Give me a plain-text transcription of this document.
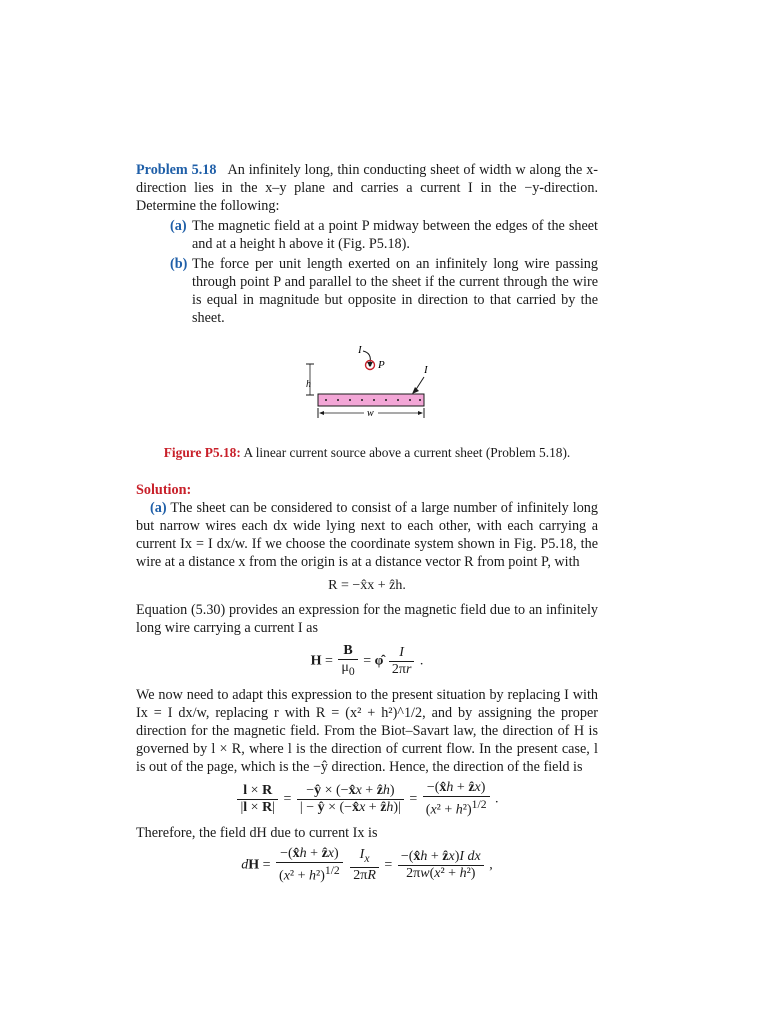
Problem 5.18 An infinitely long, thin conducting sheet of width w along the x-direction lies in the x–y plane and carries a current I in the −y-direction. Determine the following:
(a) The magnetic field at a point P midway between the edges of the sheet and at a height h above it (Fig. P5.18).
(b) The force per unit length exerted on an infinitely long wire passing through point P and parallel to the sheet if the current through the wire is equal in magnitude but opposite in direction to that carried by the sheet.
I
P	I
h
w
Figure P5.18: A linear current source above a current sheet (Problem 5.18).
Solution:
(a) The sheet can be considered to consist of a large number of infinitely long but narrow wires each dx wide lying next to each other, with each carrying a current Ix = I dx/w. If we choose the coordinate system shown in Fig. P5.18, the wire at a distance x from the origin is at a distance vector R from point P, with
R = −x̂x + ẑh.
Equation (5.30) provides an expression for the magnetic field due to an infinitely long wire carrying a current I as
$H = \frac{B}{\mu_0}$ = φ̂ $\frac{I}{2\pi r}$ .
We now need to adapt this expression to the present situation by replacing I with Ix = I dx/w, replacing r with R = (x² + h²)^1/2, and by assigning the proper direction for the magnetic field. From the Biot–Savart law, the direction of H is governed by l × R, where l is the direction of current flow. In the present case, l is out of the page, which is the −ŷ direction. Hence, the direction of the field is
$\frac{l \times R}{|l \times R|} = \frac{\text{−ŷ × (−x̂x + ẑh)}}{\text{| − ŷ × (−x̂x + ẑh)|}} = \frac{\text{−(x̂h + ẑx)}}{(x^2 + h^2)^{1/2}}$ .
Therefore, the field dH due to current Ix is
dH = $\frac{\text{−(x̂h + ẑx)}}{(x^2 + h^2)^{1/2}}$
$\frac{I_x}{2\pi R} = \frac{\text{−(x̂h + ẑx)I dx}}{\text{2πw(x² + h²)}}$ ,
